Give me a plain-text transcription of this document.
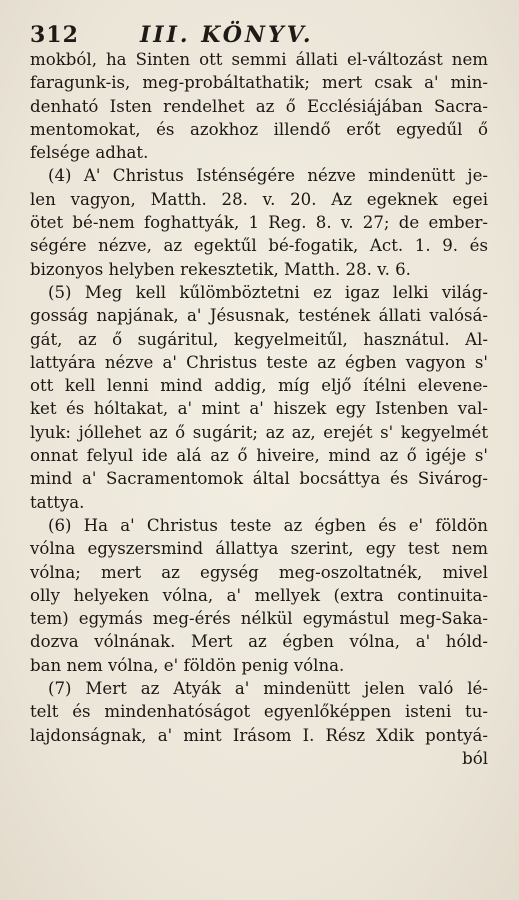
312	III. KÖNYV.
mokból, ha Sinten ott semmi állati el-változást nem
faragunk-is, meg-probáltathatik; mert csak a' min-
denható Isten rendelhet az ő Ecclésiájában Sacra-
mentomokat, és azokhoz illendő erőt egyedűl ő
felsége adhat.
(4) A' Christus Isténségére nézve mindenütt je-
len vagyon, Matth. 28. v. 20. Az egeknek egei
ötet bé-nem foghattyák, 1 Reg. 8. v. 27; de ember-
ségére nézve, az egektűl bé-fogatik, Act. 1. 9. és
bizonyos helyben rekesztetik, Matth. 28. v. 6.
(5) Meg kell kűlömböztetni ez igaz lelki világ-
gosság napjának, a' Jésusnak, testének állati valósá-
gát, az ő sugáritul, kegyelmeitűl, hasznátul. Al-
lattyára nézve a' Christus teste az égben vagyon s'
ott kell lenni mind addig, míg eljő ítélni elevene-
ket és hóltakat, a' mint a' hiszek egy Istenben val-
lyuk: jóllehet az ő sugárit; az az, erejét s' kegyelmét
onnat felyul ide alá az ő hiveire, mind az ő igéje s'
mind a' Sacramentomok által bocsáttya és Sivárog-
tattya.
(6) Ha a' Christus teste az égben és e' földön
vólna egyszersmind állattya szerint, egy test nem
vólna; mert az egység meg-oszoltatnék, mivel
olly helyeken vólna, a' mellyek (extra continuita-
tem) egymás meg-érés nélkül egymástul meg-Saka-
dozva vólnának. Mert az égben vólna, a' hóld-
ban nem vólna, e' földön penig vólna.
(7) Mert az Atyák a' mindenütt jelen való lé-
telt és mindenhatóságot egyenlőképpen isteni tu-
lajdonságnak, a' mint Irásom I. Rész Xdik pontyá-
ból
